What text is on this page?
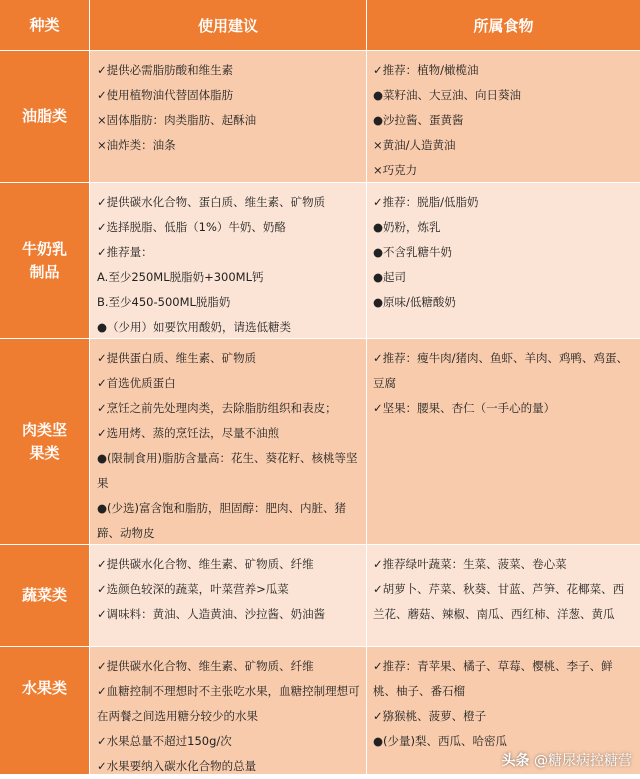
种类	使用建议	所属食物
油脂类
✓提供必需脂肪酸和维生素
✓使用植物油代替固体脂肪
×固体脂肪：肉类脂肪、起酥油
×油炸类：油条
✓推荐：植物/橄榄油
●菜籽油、大豆油、向日葵油
●沙拉酱、蛋黄酱
×黄油/人造黄油
×巧克力
牛奶乳制品
✓提供碳水化合物、蛋白质、维生素、矿物质
✓选择脱脂、低脂（1%）牛奶、奶酪
✓推荐量：
A.至少250ML脱脂奶+300ML钙
B.至少450-500ML脱脂奶
●（少用）如要饮用酸奶，请选低糖类
✓推荐：脱脂/低脂奶
●奶粉，炼乳
●不含乳糖牛奶
●起司
●原味/低糖酸奶
肉类坚果类
✓提供蛋白质、维生素、矿物质
✓首选优质蛋白
✓烹饪之前先处理肉类，去除脂肪组织和表皮；
✓选用烤、蒸的烹饪法，尽量不油煎
●(限制食用)脂肪含量高：花生、葵花籽、核桃等坚果
●(少选)富含饱和脂肪，胆固醇：肥肉、内脏、猪蹄、动物皮
✓推荐：瘦牛肉/猪肉、鱼虾、羊肉、鸡鸭、鸡蛋、豆腐
✓坚果：腰果、杏仁（一手心的量）
蔬菜类
✓提供碳水化合物、维生素、矿物质、纤维
✓选颜色较深的蔬菜，叶菜营养>瓜菜
✓调味料：黄油、人造黄油、沙拉酱、奶油酱
✓推荐绿叶蔬菜：生菜、菠菜、卷心菜
✓胡萝卜、芹菜、秋葵、甘蓝、芦笋、花椰菜、西兰花、蘑菇、辣椒、南瓜、西红柿、洋葱、黄瓜
水果类
✓提供碳水化合物、维生素、矿物质、纤维
✓血糖控制不理想时不主张吃水果，血糖控制理想可在两餐之间选用糖分较少的水果
✓水果总量不超过150g/次
✓水果要纳入碳水化合物的总量
✓推荐：青苹果、橘子、草莓、樱桃、李子、鲜桃、柚子、番石榴
✓猕猴桃、菠萝、橙子
●(少量)梨、西瓜、哈密瓜
头条 @糖尿病控糖营
